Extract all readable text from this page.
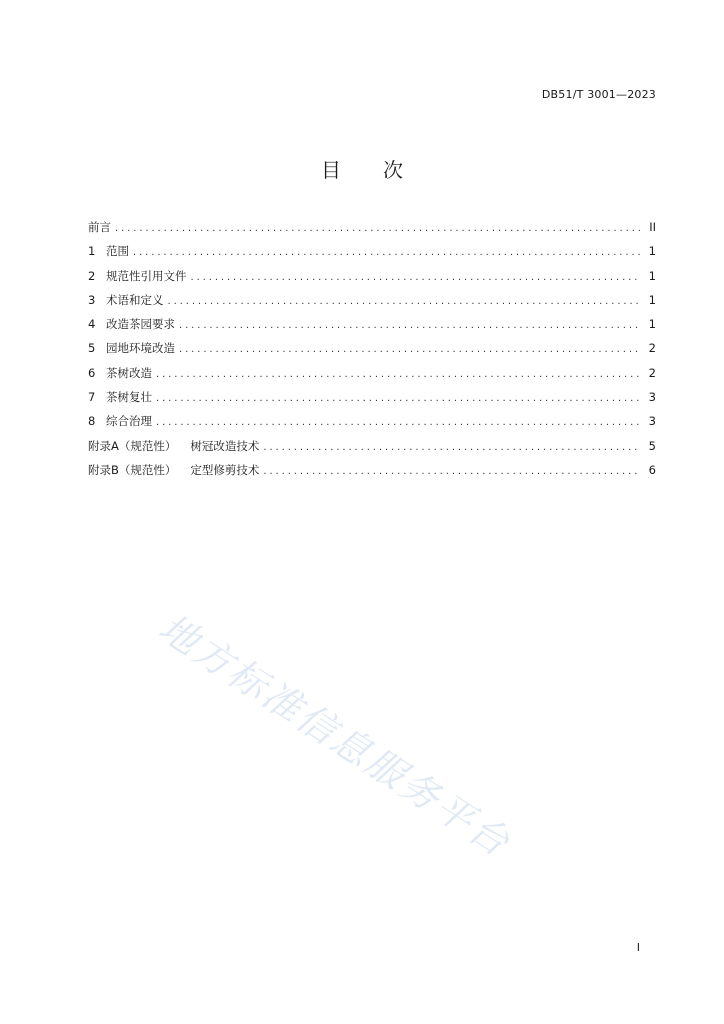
DB51/T 3001—2023
目 次
前言 .....	II
1 范围 .....	1
2 规范性引用文件 .....	1
3 术语和定义 .....	1
4 改造茶园要求 .....	1
5 园地环境改造 .....	2
6 茶树改造 .....	2
7 茶树复壮 .....	3
8 综合治理 .....	3
附录A（规范性） 树冠改造技术 .....	5
附录B（规范性） 定型修剪技术 .....	6
地方标准信息服务平台
I
